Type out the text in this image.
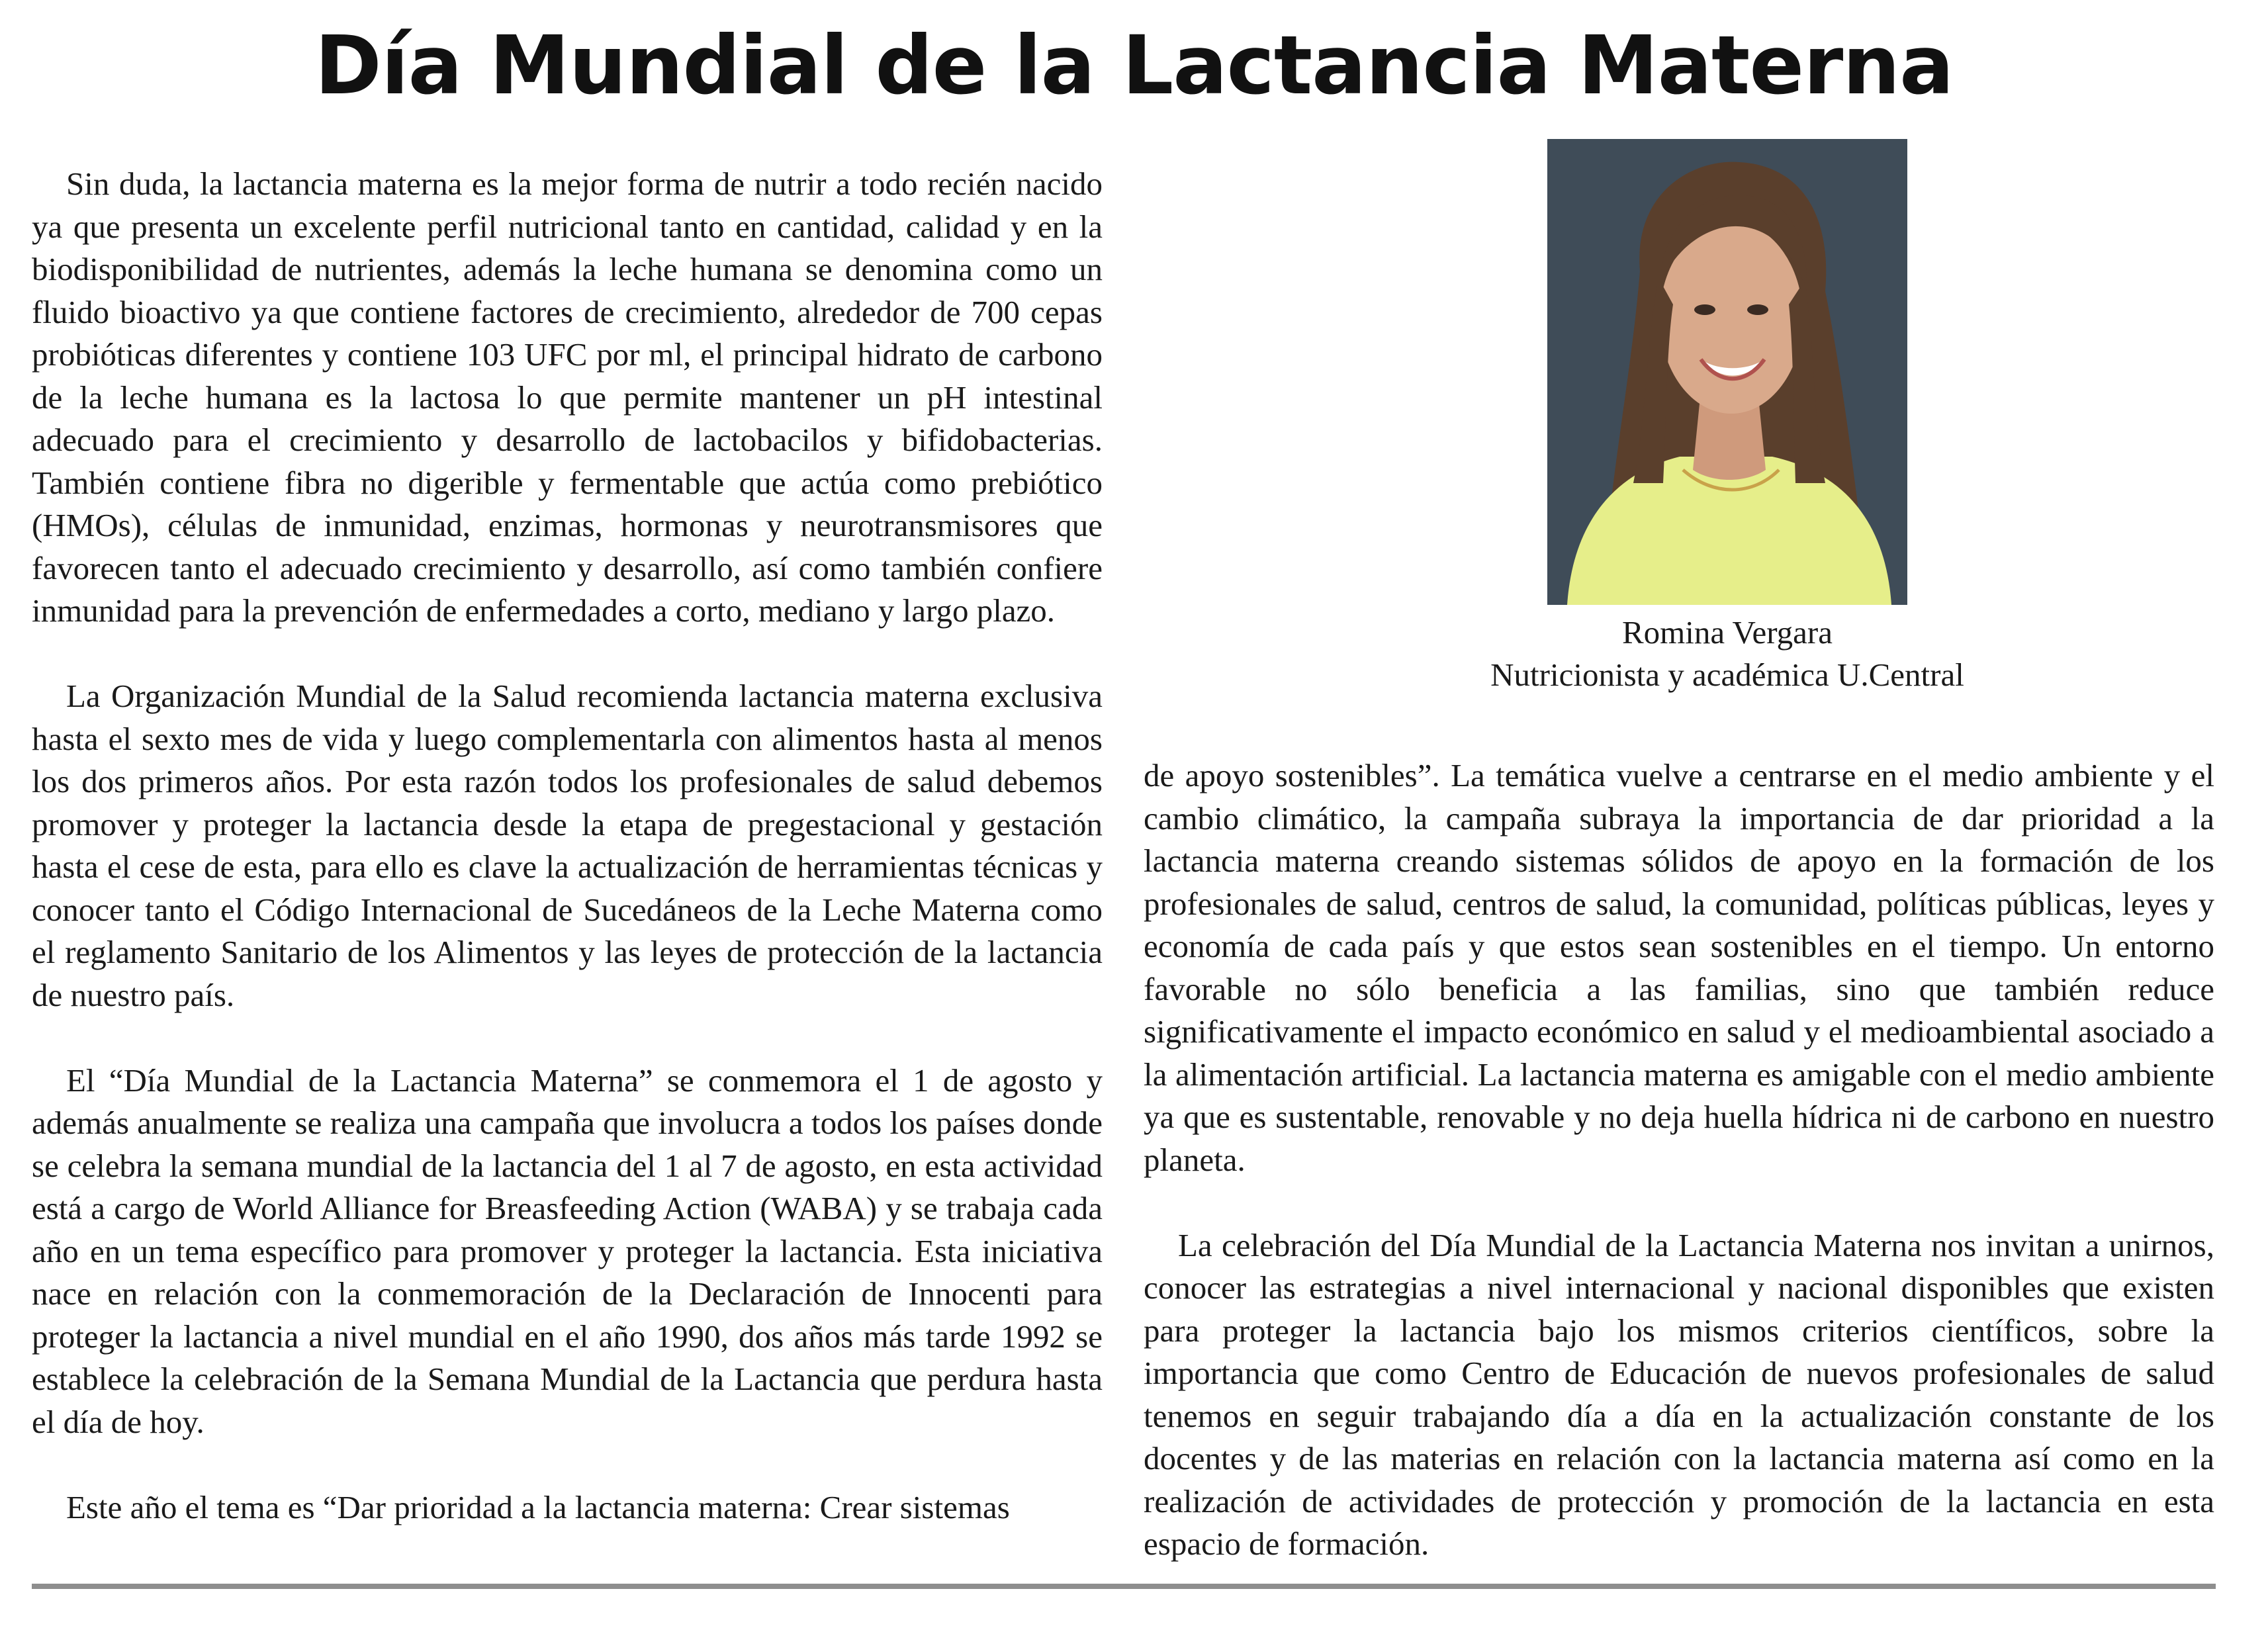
Día Mundial de la Lactancia Materna

Sin duda, la lactancia materna es la mejor forma de nutrir a todo recién nacido ya que presenta un excelente perfil nutricional tanto en cantidad, calidad y en la biodisponibilidad de nutrientes, además la leche humana se denomina como un fluido bioactivo ya que contiene factores de crecimiento, alrededor de 700 cepas probióticas diferentes y contiene 103 UFC por ml, el principal hidrato de carbono de la leche humana es la lactosa lo que permite mantener un pH intestinal adecuado para el crecimiento y desarrollo de lactobacilos y bifidobacterias. También contiene fibra no digerible y fermentable que actúa como prebiótico (HMOs), células de inmunidad, enzimas, hormonas y neurotransmisores que favorecen tanto el adecuado crecimiento y desarrollo, así como también confiere inmunidad para la prevención de enfermedades a corto, mediano y largo plazo.

La Organización Mundial de la Salud recomienda lactancia materna exclusiva hasta el sexto mes de vida y luego complementarla con alimentos hasta al menos los dos primeros años. Por esta razón todos los profesionales de salud debemos promover y proteger la lactancia desde la etapa de pregestacional y gestación hasta el cese de esta, para ello es clave la actualización de herramientas técnicas y conocer tanto el Código Internacional de Sucedáneos de la Leche Materna como el reglamento Sanitario de los Alimentos y las leyes de protección de la lactancia de nuestro país.

El “Día Mundial de la Lactancia Materna” se conmemora el 1 de agosto y además anualmente se realiza una campaña que involucra a todos los países donde se celebra la semana mundial de la lactancia del 1 al 7 de agosto, en esta actividad está a cargo de World Alliance for Breasfeeding Action (WABA) y se trabaja cada año en un tema específico para promover y proteger la lactancia. Esta iniciativa nace en relación con la conmemoración de la Declaración de Innocenti para proteger la lactancia a nivel mundial en el año 1990, dos años más tarde 1992 se establece la celebración de la Semana Mundial de la Lactancia que perdura hasta el día de hoy.

Este año el tema es “Dar prioridad a la lactancia materna: Crear sistemas

Romina Vergara
Nutricionista y académica U.Central

de apoyo sostenibles”. La temática vuelve a centrarse en el medio ambiente y el cambio climático, la campaña subraya la importancia de dar prioridad a la lactancia materna creando sistemas sólidos de apoyo en la formación de los profesionales de salud, centros de salud, la comunidad, políticas públicas, leyes y economía de cada país y que estos sean sostenibles en el tiempo. Un entorno favorable no sólo beneficia a las familias, sino que también reduce significativamente el impacto económico en salud y el medioambiental asociado a la alimentación artificial. La lactancia materna es amigable con el medio ambiente ya que es sustentable, renovable y no deja huella hídrica ni de carbono en nuestro planeta.

La celebración del Día Mundial de la Lactancia Materna nos invitan a unirnos, conocer las estrategias a nivel internacional y nacional disponibles que existen para proteger la lactancia bajo los mismos criterios científicos, sobre la importancia que como Centro de Educación de nuevos profesionales de salud tenemos en seguir trabajando día a día en la actualización constante de los docentes y de las materias en relación con la lactancia materna así como en la realización de actividades de protección y promoción de la lactancia en esta espacio de formación.
